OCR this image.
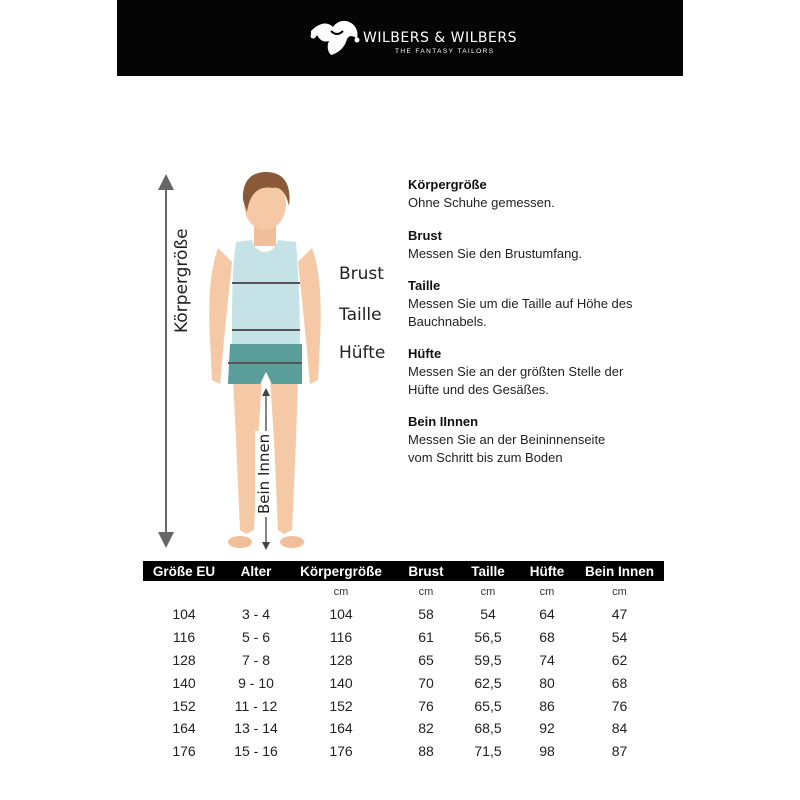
WILBERS & WILBERS
THE FANTASY TAILORS
Körpergröße
Bein Innen
Brust
Taille
Hüfte
Körpergröße
Ohne Schuhe gemessen.
Brust
Messen Sie den Brustumfang.
Taille
Messen Sie um die Taille auf Höhe des
Bauchnabels.
Hüfte
Messen Sie an der größten Stelle der
Hüfte und des Gesäßes.
Bein IInnen
Messen Sie an der Beininnenseite
vom Schritt bis zum Boden
Größe EU	Alter	Körpergröße	Brust	Taille	Hüfte	Bein Innen
		cm	cm	cm	cm	cm
104	3 - 4	104	58	54	64	47
116	5 - 6	116	61	56,5	68	54
128	7 - 8	128	65	59,5	74	62
140	9 - 10	140	70	62,5	80	68
152	11 - 12	152	76	65,5	86	76
164	13 - 14	164	82	68,5	92	84
176	15 - 16	176	88	71,5	98	87
